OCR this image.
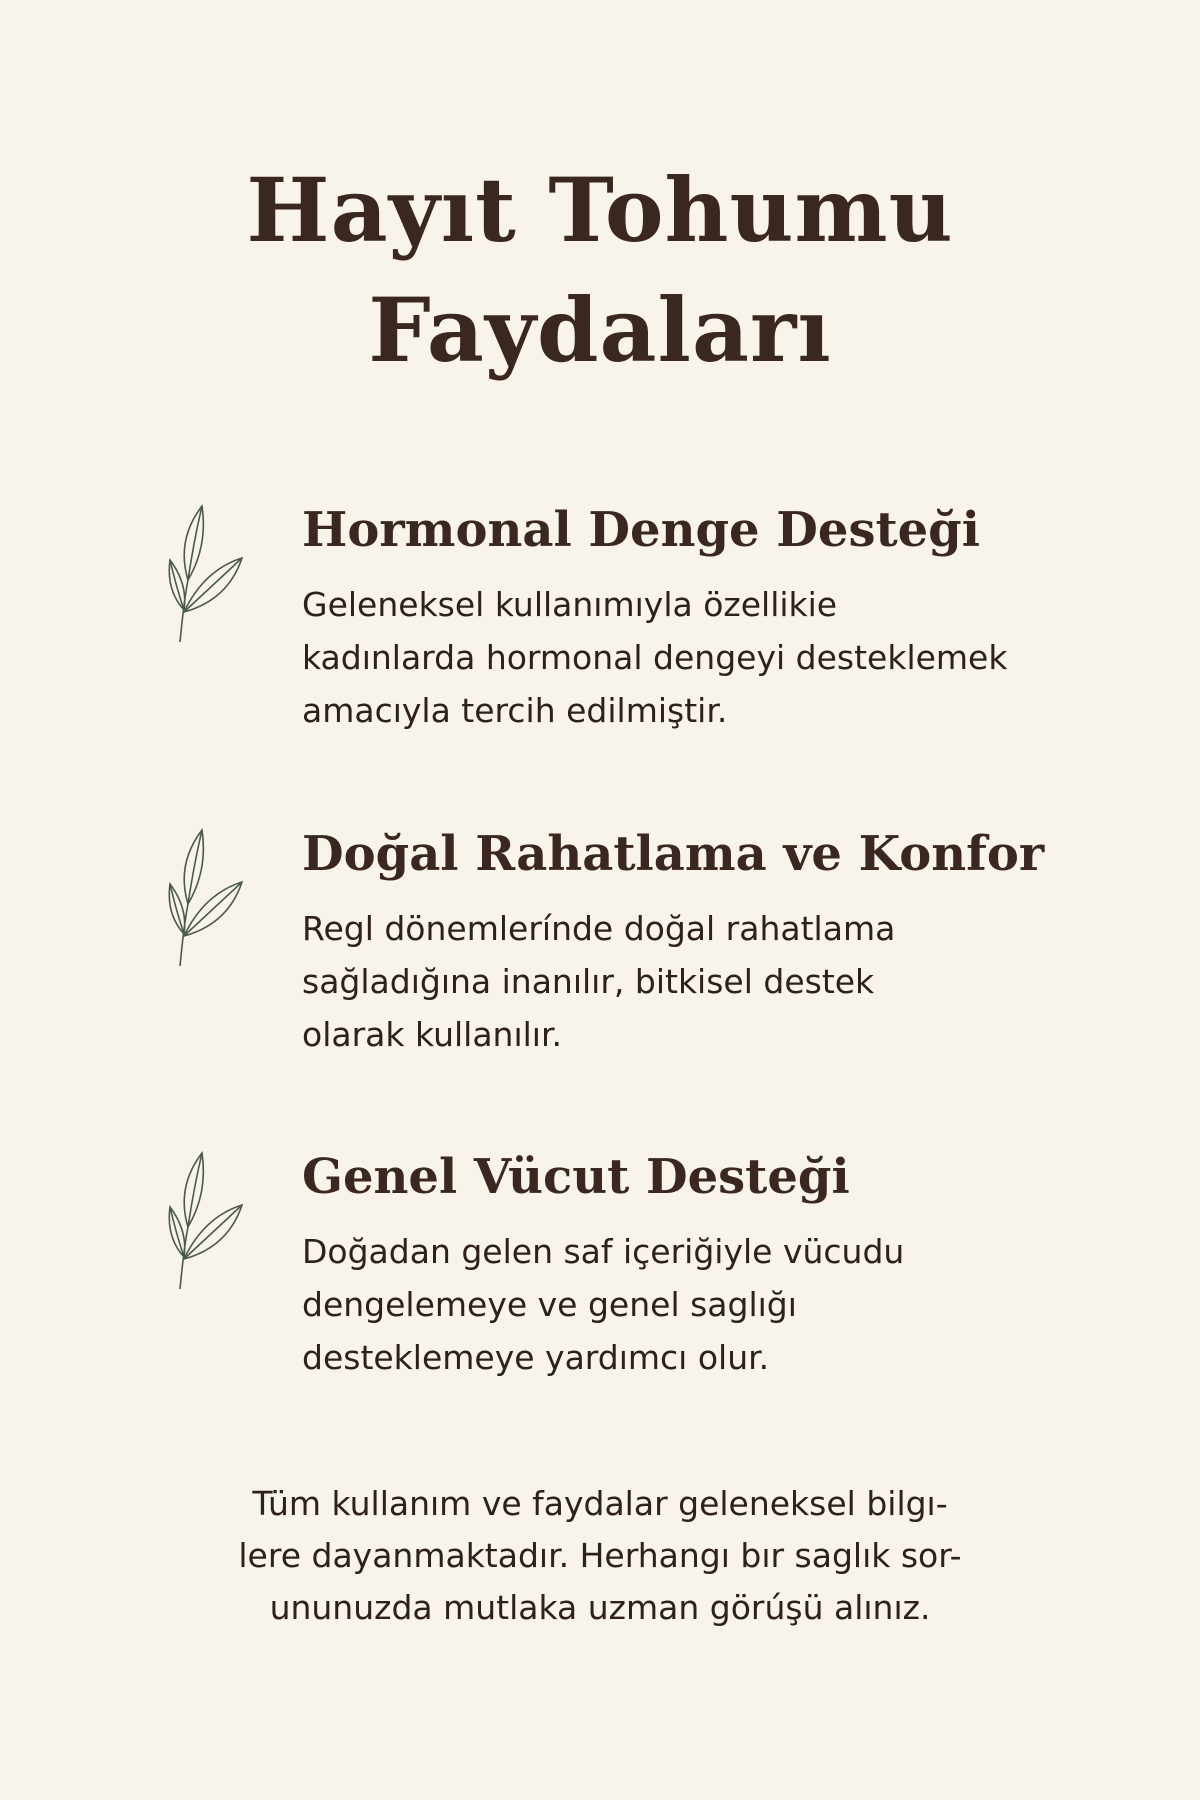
Hayıt Tohumu
Faydaları
Hormonal Denge Desteği
Geleneksel kullanımıyla özellikie
kadınlarda hormonal dengeyi desteklemek
amacıyla tercih edilmiştir.
Doğal Rahatlama ve Konfor
Regl dönemlerínde doğal rahatlama
sağladığına inanılır, bitkisel destek
olarak kullanılır.
Genel Vücut Desteği
Doğadan gelen saf içeriğiyle vücudu
dengelemeye ve genel saglığı
desteklemeye yardımcı olur.
Tüm kullanım ve faydalar geleneksel bilgı-
lere dayanmaktadır. Herhangı bır saglık sor-
ununuzda mutlaka uzman görúşü alınız.
